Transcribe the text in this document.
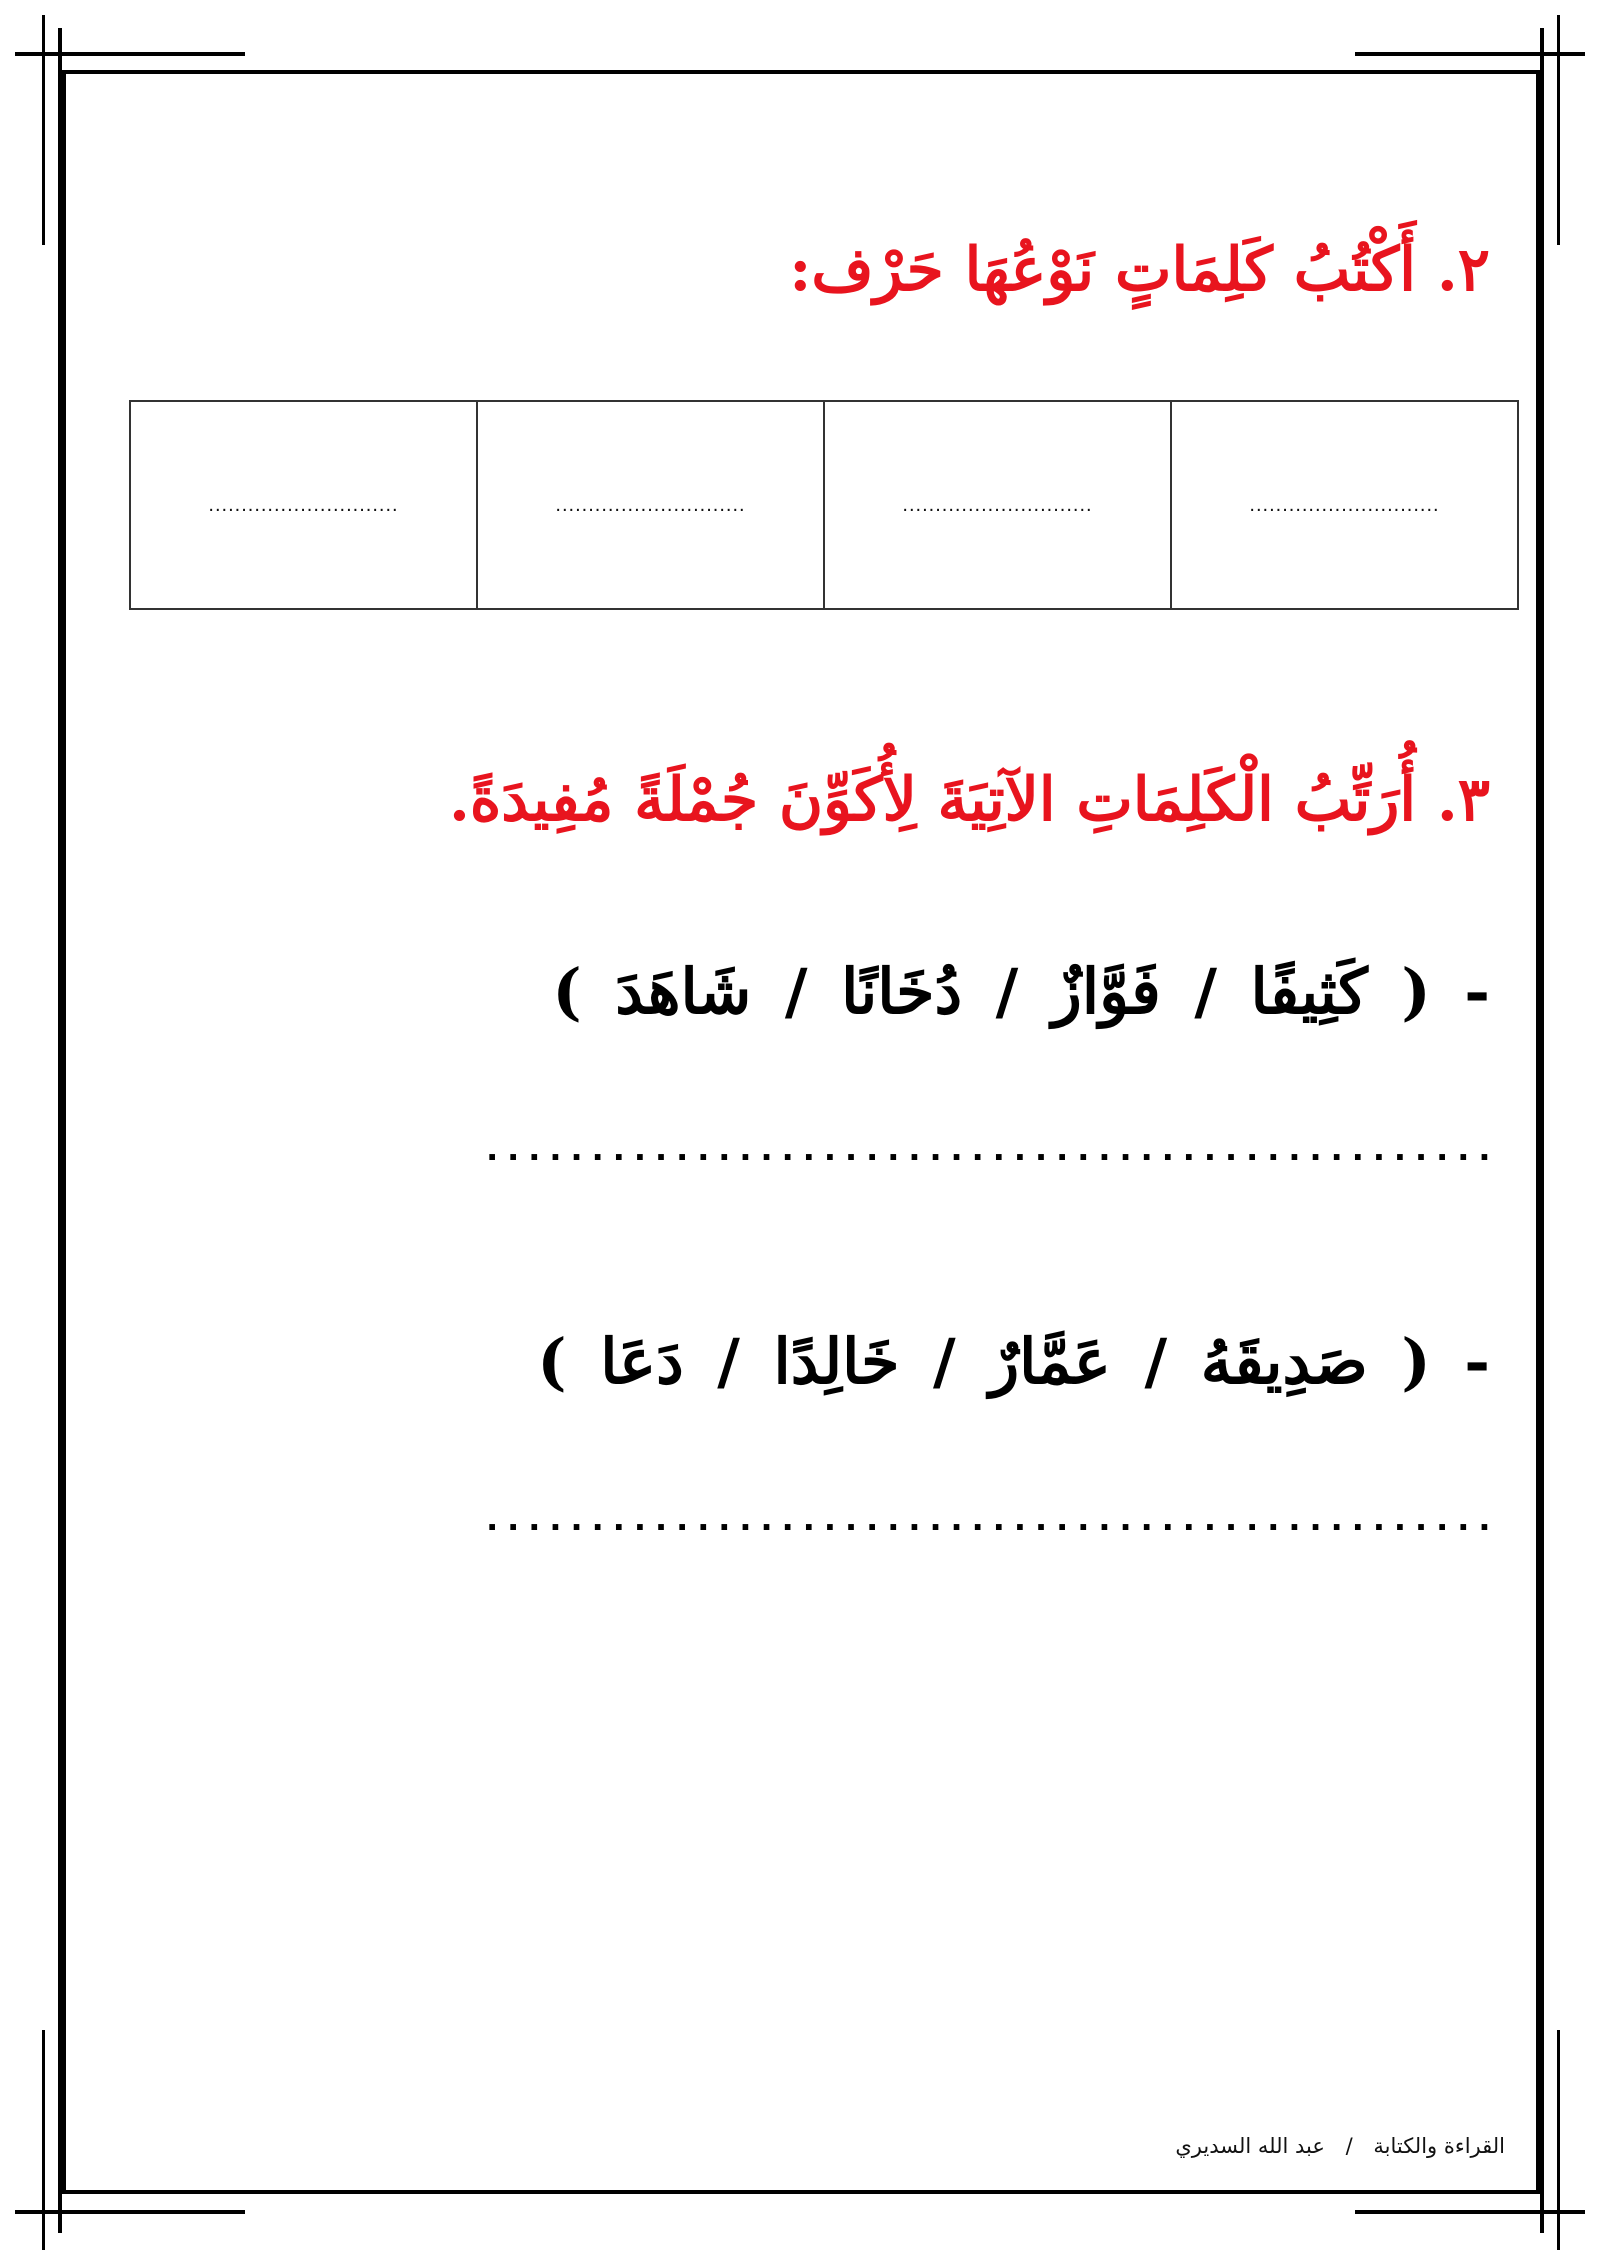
٢. أَكْتُبُ كَلِمَاتٍ نَوْعُهَا حَرْف:
.............................	.............................	.............................	.............................
٣. أُرَتِّبُ الْكَلِمَاتِ الآتِيَةَ لِأُكَوِّنَ جُمْلَةً مُفِيدَةً.
- ( كَثِيفًا / فَوَّازٌ / دُخَانًا / شَاهَدَ )
................................................
- ( صَدِيقَهُ / عَمَّارٌ / خَالِدًا / دَعَا )
................................................
القراءة والكتابة / عبد الله السديري
